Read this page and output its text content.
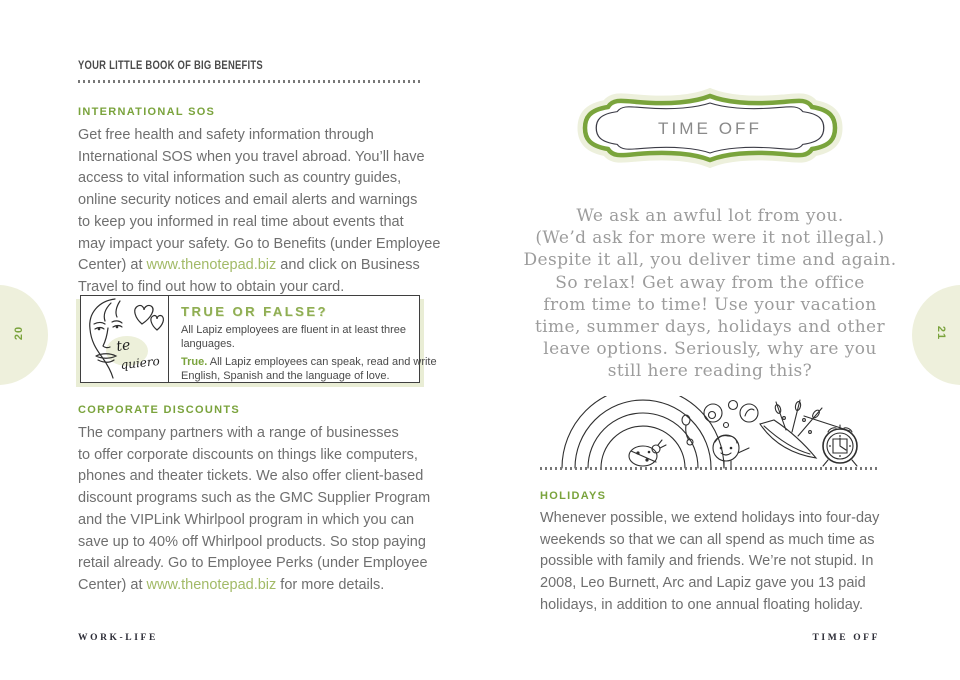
20	21
YOUR LITTLE BOOK OF BIG BENEFITS
INTERNATIONAL SOS
Get free health and safety information through
International SOS when you travel abroad. You’ll have
access to vital information such as country guides,
online security notices and email alerts and warnings
to keep you informed in real time about events that
may impact your safety. Go to Benefits (under Employee
Center) at www.thenotepad.biz and click on Business
Travel to find out how to obtain your card.
te
quiero
TRUE OR FALSE?
All Lapiz employees are fluent in at least three languages.
True. All Lapiz employees can speak, read and write
English, Spanish and the language of love.
CORPORATE DISCOUNTS
The company partners with a range of businesses
to offer corporate discounts on things like computers,
phones and theater tickets. We also offer client-based
discount programs such as the GMC Supplier Program
and the VIPLink Whirlpool program in which you can
save up to 40% off Whirlpool products. So stop paying
retail already. Go to Employee Perks (under Employee
Center) at www.thenotepad.biz for more details.
WORK-LIFE
TIME OFF
We ask an awful lot from you.
(We’d ask for more were it not illegal.)
Despite it all, you deliver time and again.
So relax! Get away from the office
from time to time! Use your vacation
time, summer days, holidays and other
leave options. Seriously, why are you
still here reading this?
HOLIDAYS
Whenever possible, we extend holidays into four-day
weekends so that we can all spend as much time as
possible with family and friends. We’re not stupid. In
2008, Leo Burnett, Arc and Lapiz gave you 13 paid
holidays, in addition to one annual floating holiday.
TIME OFF
